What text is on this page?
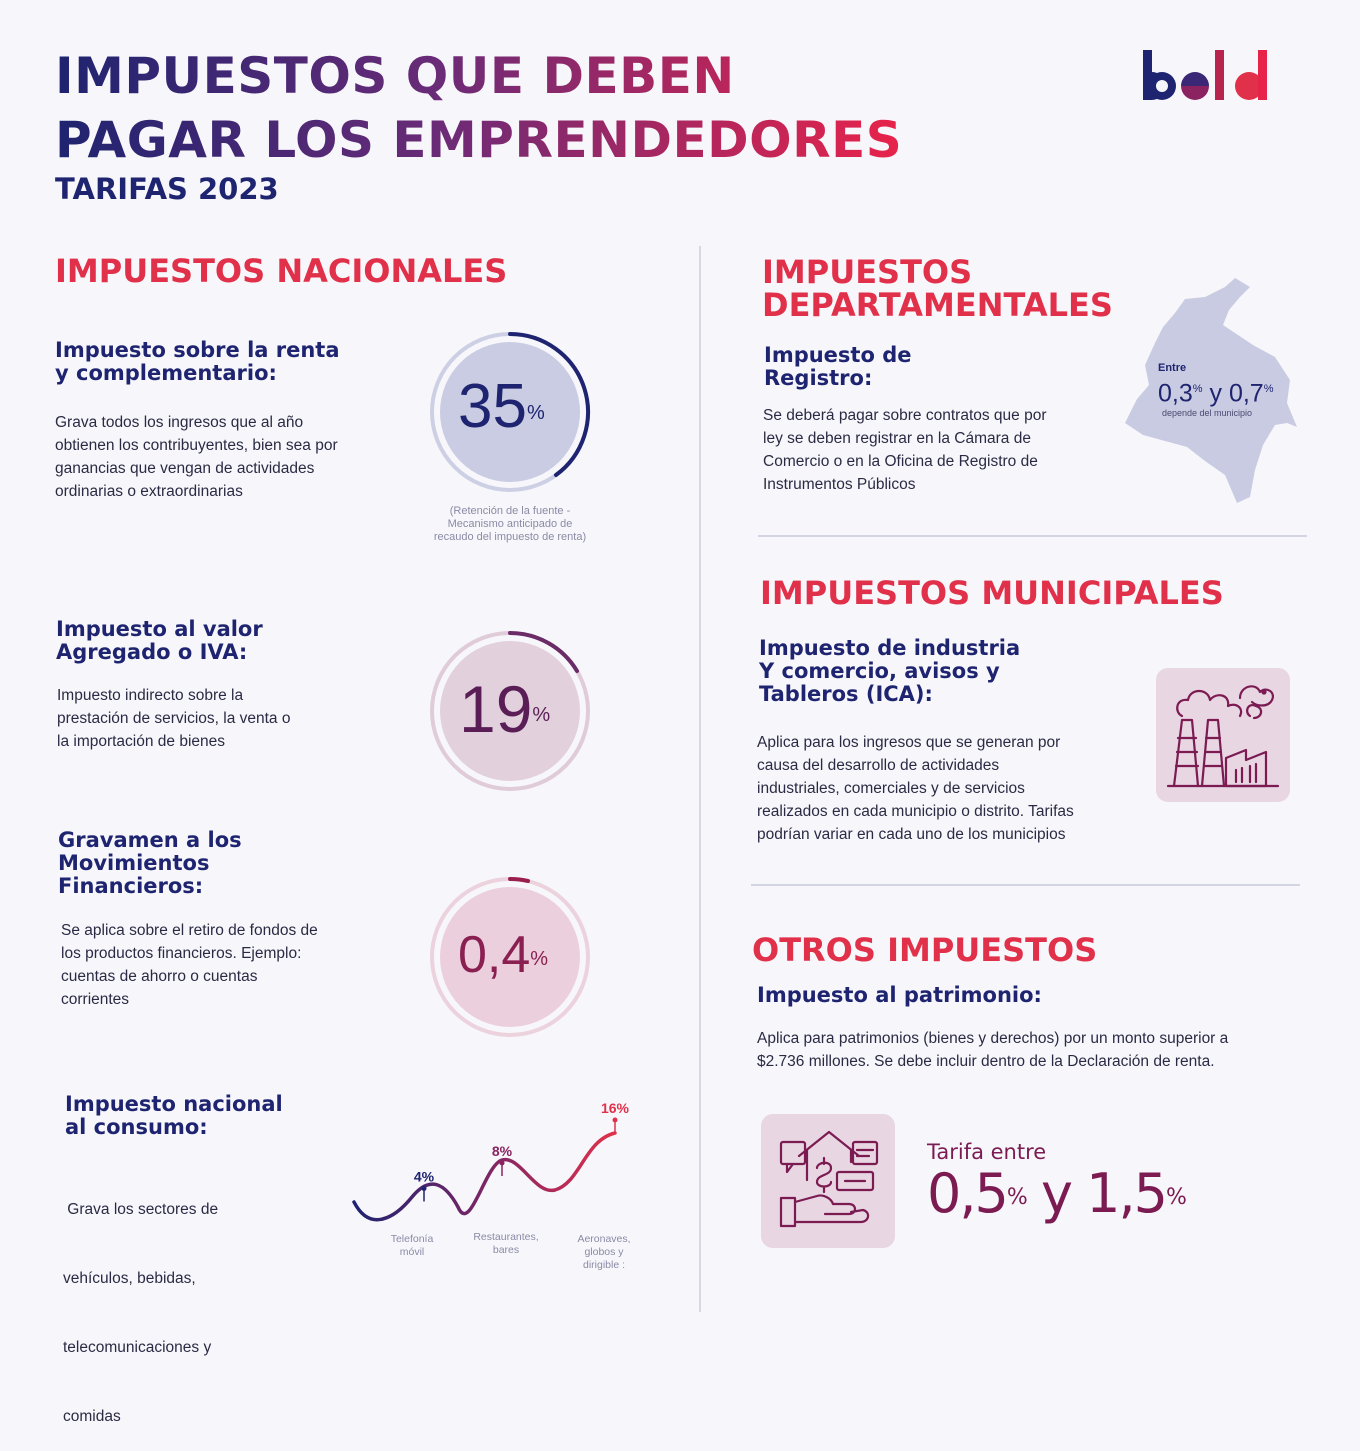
IMPUESTOS QUE DEBEN
PAGAR LOS EMPRENDEDORES
TARIFAS 2023
IMPUESTOS NACIONALES
Impuesto sobre la renta
y complementario:
Grava todos los ingresos que al año
obtienen los contribuyentes, bien sea por
ganancias que vengan de actividades
ordinarias o extraordinarias
35%
(Retención de la fuente -
Mecanismo anticipado de
recaudo del impuesto de renta)
Impuesto al valor
Agregado o IVA:
Impuesto indirecto sobre la
prestación de servicios, la venta o
la importación de bienes	19%
Gravamen a los
Movimientos
Financieros:
Se aplica sobre el retiro de fondos de
los productos financieros. Ejemplo:
cuentas de ahorro o cuentas
corrientes
0,4%
Impuesto nacional
al consumo:

Grava los sectores de

vehículos, bebidas,

telecomunicaciones y

comidas

4%
Telefonía
móvil
8%
Restaurantes,
bares
16%
Aeronaves,
globos y
dirigible :
IMPUESTOS
DEPARTAMENTALES
Impuesto de
Registro:
Se deberá pagar sobre contratos que por
ley se deben registrar en la Cámara de
Comercio o en la Oficina de Registro de
Instrumentos Públicos
Entre
0,3% y 0,7%
depende del municipio
IMPUESTOS MUNICIPALES
Impuesto de industria
Y comercio, avisos y
Tableros (ICA):
Aplica para los ingresos que se generan por
causa del desarrollo de actividades
industriales, comerciales y de servicios
realizados en cada municipio o distrito. Tarifas
podrían variar en cada uno de los municipios
OTROS IMPUESTOS
Impuesto al patrimonio:
Aplica para patrimonios (bienes y derechos) por un monto superior a
$2.736 millones. Se debe incluir dentro de la Declaración de renta.
Tarifa entre
0,5% y 1,5%
